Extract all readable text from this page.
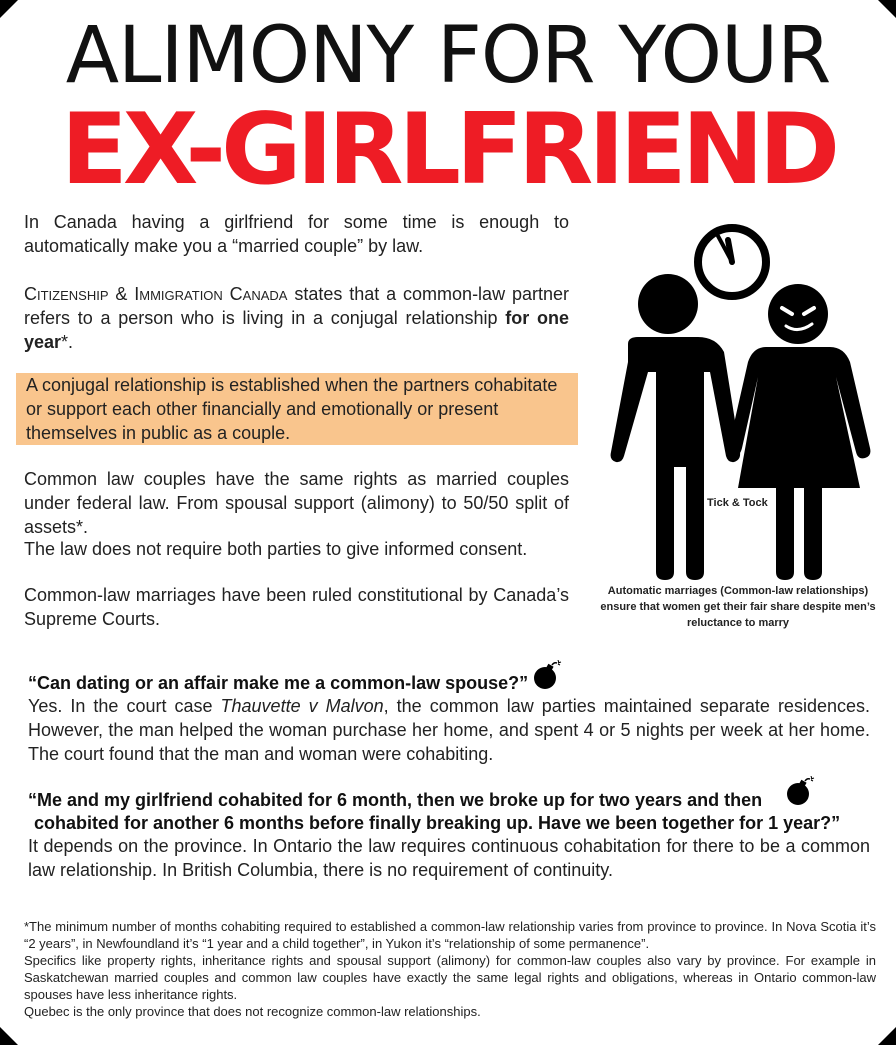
ALIMONY FOR YOUR
EX-GIRLFRIEND

In Canada having a girlfriend for some time is enough to automatically make you a “married couple” by law.

Citizenship & Immigration Canada states that a common-law partner refers to a person who is living in a conjugal relationship for one year*.

A conjugal relationship is established when the partners cohabitate or support each other financially and emotionally or present themselves in public as a couple.

Common law couples have the same rights as married couples under federal law. From spousal support (alimony) to 50/50 split of assets*.

The law does not require both parties to give informed consent.

Common-law marriages have been ruled constitutional by Canada’s Supreme Courts.

Tick & Tock
Automatic marriages (Common-law relationships) ensure that women get their fair share despite men’s reluctance to marry
“Can dating or an affair make me a common-law spouse?”
Yes. In the court case Thauvette v Malvon, the common law parties maintained separate residences. However, the man helped the woman purchase her home, and spent 4 or 5 nights per week at her home. The court found that the man and woman were cohabiting.
“Me and my girlfriend cohabited for 6 month, then we broke up for two years and then
cohabited for another 6 months before finally breaking up. Have we been together for 1 year?”
It depends on the province. In Ontario the law requires continuous cohabitation for there to be a common law relationship. In British Columbia, there is no requirement of continuity.

*The minimum number of months cohabiting required to established a common-law relationship varies from province to province. In Nova Scotia it’s “2 years”, in Newfoundland it’s “1 year and a child together”, in Yukon it’s “relationship of some permanence”.

Specifics like property rights, inheritance rights and spousal support (alimony) for common-law couples also vary by province. For example in Saskatchewan married couples and common law couples have exactly the same legal rights and obligations, whereas in Ontario common-law spouses have less inheritance rights.

Quebec is the only province that does not recognize common-law relationships.
